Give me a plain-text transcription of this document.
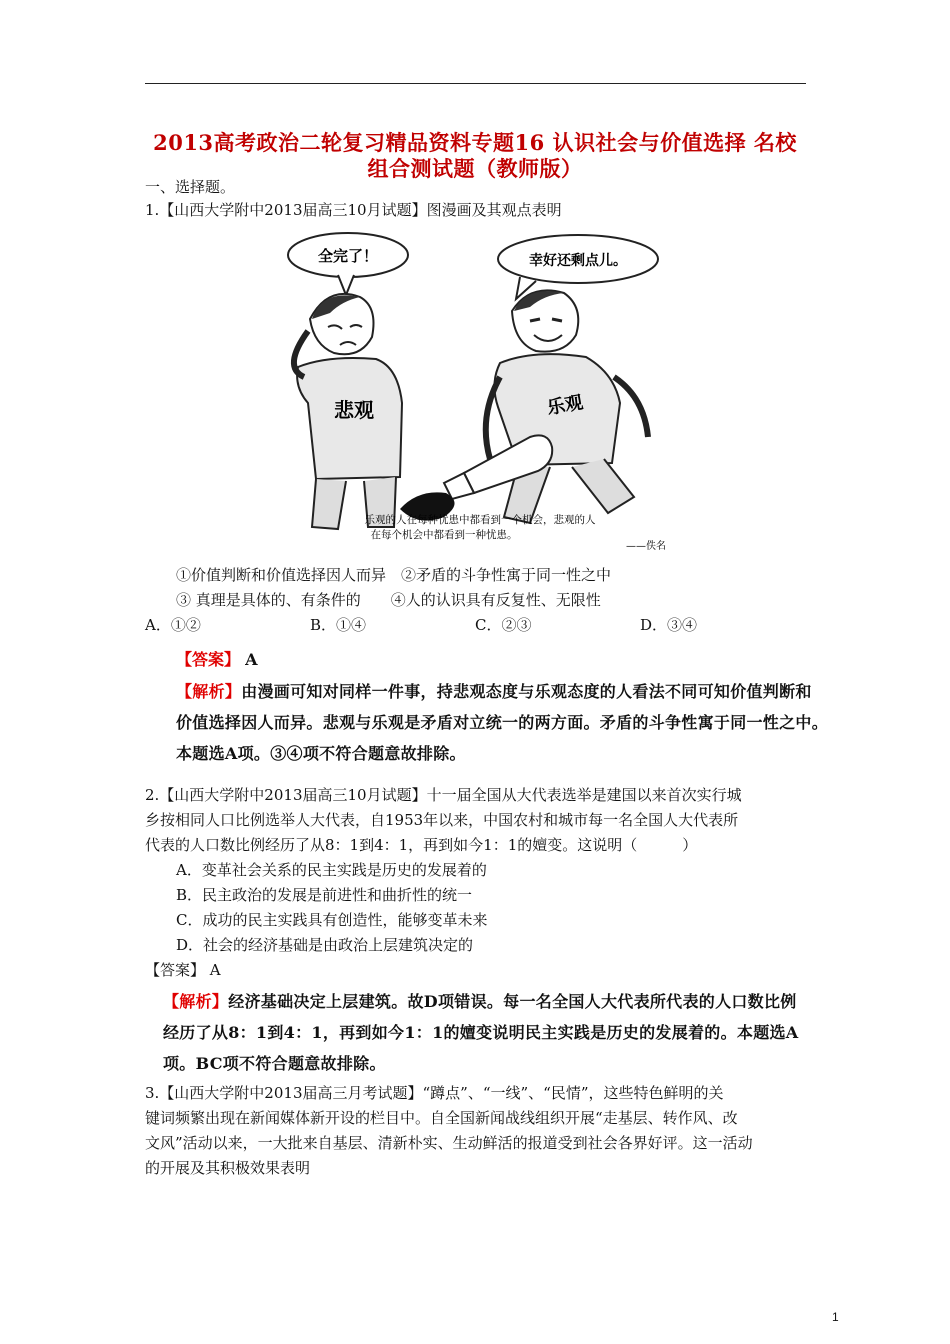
2013高考政治二轮复习精品资料专题16 认识社会与价值选择 名校
组合测试题（教师版）
一、选择题。
1.【山西大学附中2013届高三10月试题】图漫画及其观点表明
全完了！	幸好还剩点儿。
悲观	乐观
乐观的人在每种忧患中都看到一个机会，悲观的人
在每个机会中都看到一种忧患。
——佚名
①价值判断和价值选择因人而异　②矛盾的斗争性寓于同一性之中
③ 真理是具体的、有条件的　　④人的认识具有反复性、无限性
A．①②	B．①④	C．②③	D．③④
【答案】 A
【解析】由漫画可知对同样一件事，持悲观态度与乐观态度的人看法不同可知价值判断和
价值选择因人而异。悲观与乐观是矛盾对立统一的两方面。矛盾的斗争性寓于同一性之中。
本题选A项。③④项不符合题意故排除。
2.【山西大学附中2013届高三10月试题】十一届全国从大代表选举是建国以来首次实行城
乡按相同人口比例选举人大代表，自1953年以来，中国农村和城市每一名全国人大代表所
代表的人口数比例经历了从8：1到4：1，再到如今1：1的嬗变。这说明（　　　）
A．变革社会关系的民主实践是历史的发展着的
B．民主政治的发展是前进性和曲折性的统一
C．成功的民主实践具有创造性，能够变革未来
D．社会的经济基础是由政治上层建筑决定的
【答案】 A
【解析】经济基础决定上层建筑。故D项错误。每一名全国人大代表所代表的人口数比例
经历了从8：1到4：1，再到如今1：1的嬗变说明民主实践是历史的发展着的。本题选A
项。BC项不符合题意故排除。
3.【山西大学附中2013届高三月考试题】“蹲点”、“一线”、“民情”，这些特色鲜明的关
键词频繁出现在新闻媒体新开设的栏目中。自全国新闻战线组织开展“走基层、转作风、改
文风”活动以来，一大批来自基层、清新朴实、生动鲜活的报道受到社会各界好评。这一活动
的开展及其积极效果表明
1
